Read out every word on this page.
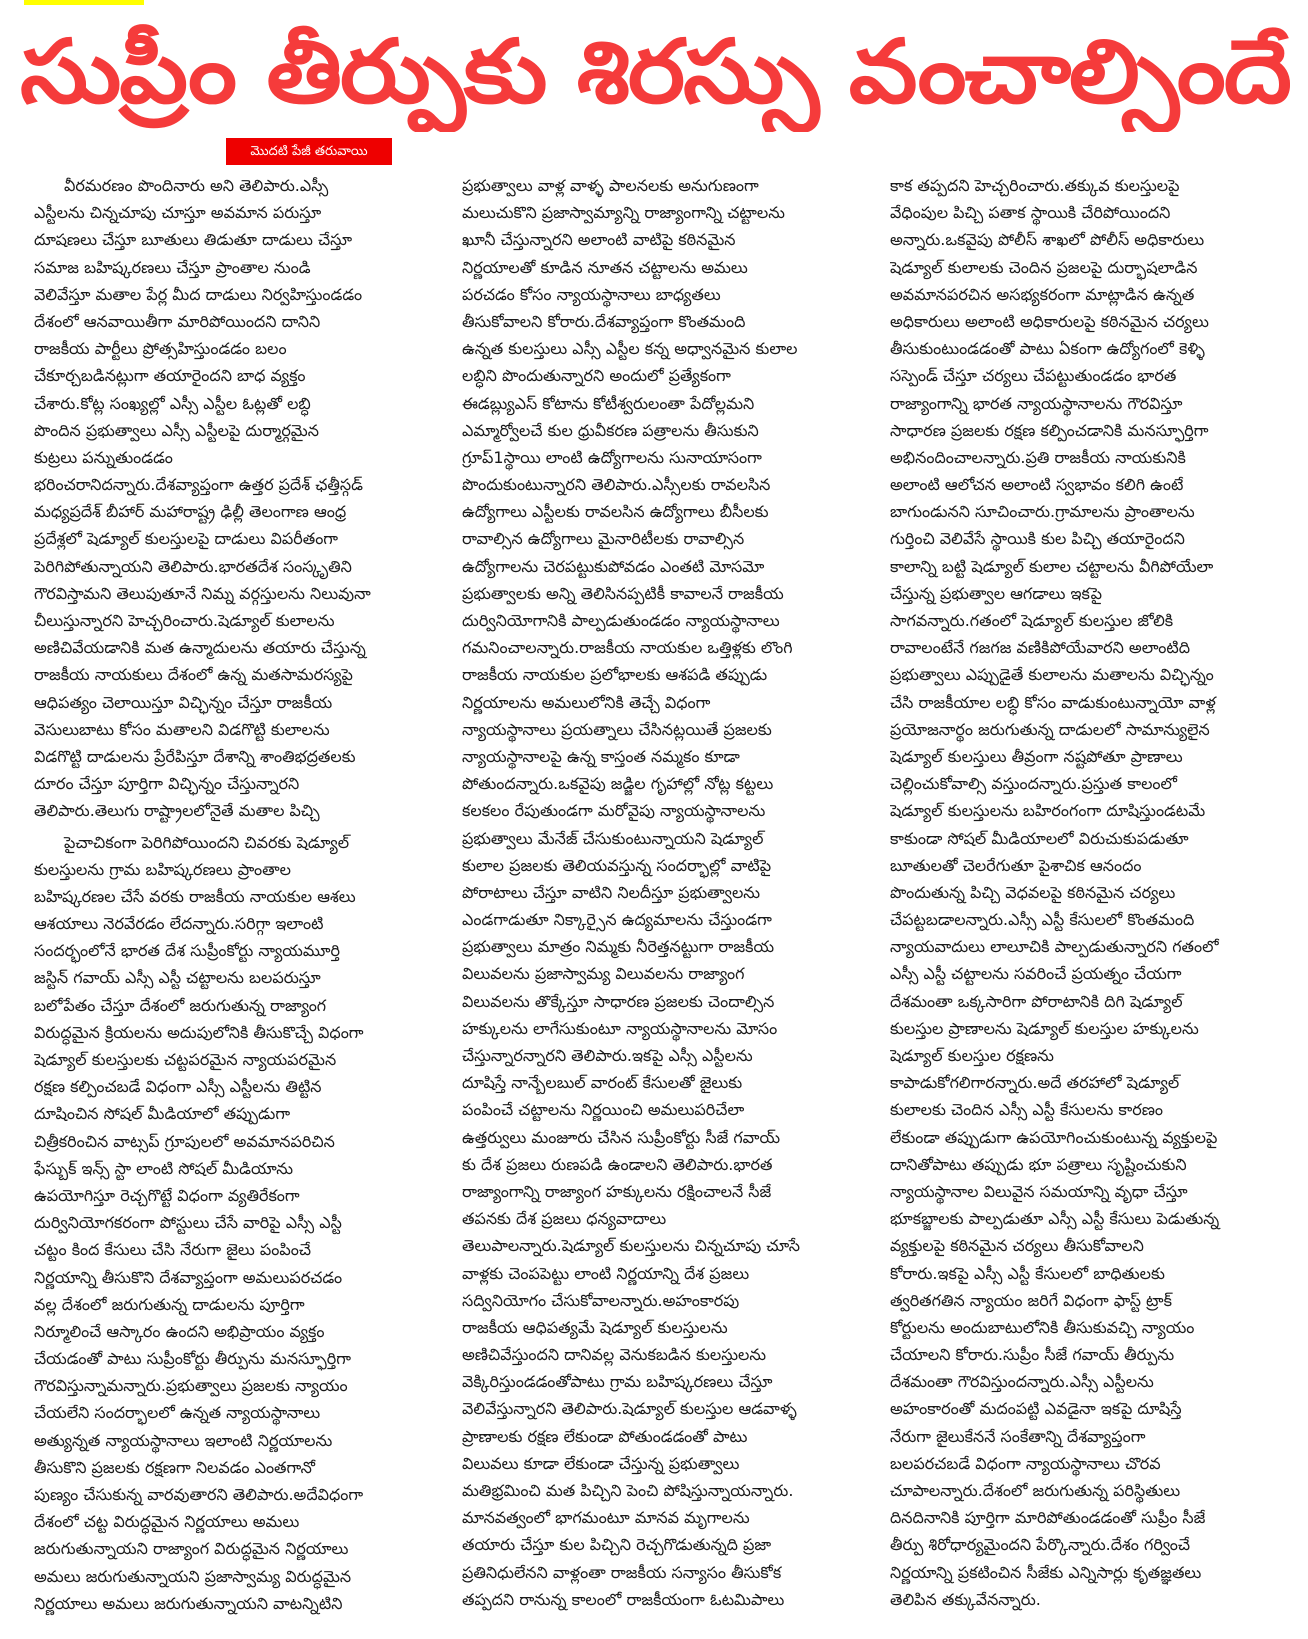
సుప్రీం తీర్పుకు శిరస్సు వంచాల్సిందే
మొదటి పేజీ తరువాయి
వీరమరణం పొందినారు అని తెలిపారు.ఎస్సీ
ఎస్టీలను చిన్నచూపు చూస్తూ అవమాన పరుస్తూ
దూషణలు చేస్తూ బూతులు తిడుతూ దాడులు చేస్తూ
సమాజ బహిష్కరణలు చేస్తూ ప్రాంతాల నుండి
వెలివేస్తూ మతాల పేర్ల మీద దాడులు నిర్వహిస్తుండడం
దేశంలో ఆనవాయితీగా మారిపోయిందని దానిని
రాజకీయ పార్టీలు ప్రోత్సహిస్తుండడం బలం
చేకూర్చబడినట్లుగా తయారైందని బాధ వ్యక్తం
చేశారు.కోట్ల సంఖ్యల్లో ఎస్సీ ఎస్టీల ఓట్లతో లబ్ధి
పొందిన ప్రభుత్వాలు ఎస్సీ ఎస్టీలపై దుర్మార్గమైన
కుట్రలు పన్నుతుండడం
భరించరానిదన్నారు.దేశవ్యాప్తంగా ఉత్తర ప్రదేశ్ ఛత్తీస్గడ్
మధ్యప్రదేశ్ బీహార్ మహారాష్ట్ర ఢిల్లీ తెలంగాణ ఆంధ్ర
ప్రదేశ్లలో షెడ్యూల్ కులస్తులపై దాడులు విపరీతంగా
పెరిగిపోతున్నాయని తెలిపారు.భారతదేశ సంస్కృతిని
గౌరవిస్తామని తెలుపుతూనే నిమ్న వర్గస్తులను నిలువునా
చీలుస్తున్నారని హెచ్చరించారు.షెడ్యూల్ కులాలను
అణిచివేయడానికి మత ఉన్మాదులను తయారు చేస్తున్న
రాజకీయ నాయకులు దేశంలో ఉన్న మతసామరస్యపై
ఆధిపత్యం చెలాయిస్తూ విచ్ఛిన్నం చేస్తూ రాజకీయ
వెసులుబాటు కోసం మతాలని విడగొట్టి కులాలను
విడగొట్టి దాడులను ప్రేరేపిస్తూ దేశాన్ని శాంతిభద్రతలకు
దూరం చేస్తూ పూర్తిగా విచ్ఛిన్నం చేస్తున్నారని
తెలిపారు.తెలుగు రాష్ట్రాలలోనైతే మతాల పిచ్చి
పైచాచికంగా పెరిగిపోయిందని చివరకు షెడ్యూల్
కులస్తులను గ్రామ బహిష్కరణలు ప్రాంతాల
బహిష్కరణల చేసే వరకు రాజకీయ నాయకుల ఆశలు
ఆశయాలు నెరవేరడం లేదన్నారు.సరిగ్గా ఇలాంటి
సందర్భంలోనే భారత దేశ సుప్రీంకోర్టు న్యాయమూర్తి
జస్టిన్ గవాయ్ ఎస్సీ ఎస్టీ చట్టాలను బలపరుస్తూ
బలోపేతం చేస్తూ దేశంలో జరుగుతున్న రాజ్యాంగ
విరుద్ధమైన క్రియలను అదుపులోనికి తీసుకొచ్చే విధంగా
షెడ్యూల్ కులస్తులకు చట్టపరమైన న్యాయపరమైన
రక్షణ కల్పించబడే విధంగా ఎస్సీ ఎస్టీలను తిట్టిన
దూషించిన సోషల్ మీడియాలో తప్పుడుగా
చిత్రీకరించిన వాట్సప్ గ్రూపులలో అవమానపరిచిన
ఫేస్బుక్ ఇన్స్ స్టా లాంటి సోషల్ మీడియాను
ఉపయోగిస్తూ రెచ్చగొట్టే విధంగా వ్యతిరేకంగా
దుర్వినియోగకరంగా పోస్టులు చేసే వారిపై ఎస్సీ ఎస్టీ
చట్టం కింద కేసులు చేసి నేరుగా జైలు పంపించే
నిర్ణయాన్ని తీసుకొని దేశవ్యాప్తంగా అమలుపరచడం
వల్ల దేశంలో జరుగుతున్న దాడులను పూర్తిగా
నిర్మూలించే ఆస్కారం ఉందని అభిప్రాయం వ్యక్తం
చేయడంతో పాటు సుప్రీంకోర్టు తీర్పును మనస్ఫూర్తిగా
గౌరవిస్తున్నామన్నారు.ప్రభుత్వాలు ప్రజలకు న్యాయం
చేయలేని సందర్భాలలో ఉన్నత న్యాయస్థానాలు
అత్యున్నత న్యాయస్థానాలు ఇలాంటి నిర్ణయాలను
తీసుకొని ప్రజలకు రక్షణగా నిలవడం ఎంతగానో
పుణ్యం చేసుకున్న వారవుతారని తెలిపారు.అదేవిధంగా
దేశంలో చట్ట విరుద్ధమైన నిర్ణయాలు అమలు
జరుగుతున్నాయని రాజ్యాంగ విరుద్ధమైన నిర్ణయాలు
అమలు జరుగుతున్నాయని ప్రజాస్వామ్య విరుద్ధమైన
నిర్ణయాలు అమలు జరుగుతున్నాయని వాటన్నిటిని
ప్రభుత్వాలు వాళ్ల వాళ్ళ పాలనలకు అనుగుణంగా
మలుచుకొని ప్రజాస్వామ్యాన్ని రాజ్యాంగాన్ని చట్టాలను
ఖూనీ చేస్తున్నారని అలాంటి వాటిపై కఠినమైన
నిర్ణయాలతో కూడిన నూతన చట్టాలను అమలు
పరచడం కోసం న్యాయస్థానాలు బాధ్యతలు
తీసుకోవాలని కోరారు.దేశవ్యాప్తంగా కొంతమంది
ఉన్నత కులస్తులు ఎస్సీ ఎస్టీల కన్న అధ్వానమైన కులాల
లబ్ధిని పొందుతున్నారని అందులో ప్రత్యేకంగా
ఈడబ్ల్యుఎస్ కోటాను కోటీశ్వరులంతా పేదోల్లమని
ఎమ్మార్వోలచే కుల ధ్రువీకరణ పత్రాలను తీసుకుని
గ్రూప్1స్థాయి లాంటి ఉద్యోగాలను సునాయాసంగా
పొందుకుంటున్నారని తెలిపారు.ఎస్సీలకు రావలసిన
ఉద్యోగాలు ఎస్టీలకు రావలసిన ఉద్యోగాలు బీసీలకు
రావాల్సిన ఉద్యోగాలు మైనారిటీలకు రావాల్సిన
ఉద్యోగాలను చెరపట్టుకుపోవడం ఎంతటి మోసమో
ప్రభుత్వాలకు అన్ని తెలిసినప్పటికీ కావాలనే రాజకీయ
దుర్వినియోగానికి పాల్పడుతుండడం న్యాయస్థానాలు
గమనించాలన్నారు.రాజకీయ నాయకుల ఒత్తిళ్లకు లొంగి
రాజకీయ నాయకుల ప్రలోభాలకు ఆశపడి తప్పుడు
నిర్ణయాలను అమలులోనికి తెచ్చే విధంగా
న్యాయస్థానాలు ప్రయత్నాలు చేసినట్లయితే ప్రజలకు
న్యాయస్థానాలపై ఉన్న కాస్తంత నమ్మకం కూడా
పోతుందన్నారు.ఒకవైపు జడ్జిల గృహాల్లో నోట్ల కట్టలు
కలకలం రేపుతుండగా మరోవైపు న్యాయస్థానాలను
ప్రభుత్వాలు మేనేజ్ చేసుకుంటున్నాయని షెడ్యూల్
కులాల ప్రజలకు తెలియవస్తున్న సందర్భాల్లో వాటిపై
పోరాటాలు చేస్తూ వాటిని నిలదీస్తూ ప్రభుత్వాలను
ఎండగాడుతూ నిక్కార్సైన ఉద్యమాలను చేస్తుండగా
ప్రభుత్వాలు మాత్రం నిమ్మకు నీరెత్తనట్టుగా రాజకీయ
విలువలను ప్రజాస్వామ్య విలువలను రాజ్యాంగ
విలువలను తొక్కేస్తూ సాధారణ ప్రజలకు చెందాల్సిన
హక్కులను లాగేసుకుంటూ న్యాయస్థానాలను మోసం
చేస్తున్నారన్నారని తెలిపారు.ఇకపై ఎస్సీ ఎస్టీలను
దూషిస్తే నాన్బేలబుల్ వారంట్ కేసులతో జైలుకు
పంపించే చట్టాలను నిర్ణయించి అమలుపరిచేలా
ఉత్తర్వులు మంజూరు చేసిన సుప్రీంకోర్టు సీజే గవాయ్
కు దేశ ప్రజలు రుణపడి ఉండాలని తెలిపారు.భారత
రాజ్యాంగాన్ని రాజ్యాంగ హక్కులను రక్షించాలనే సీజే
తపనకు దేశ ప్రజలు ధన్యవాదాలు
తెలుపాలన్నారు.షెడ్యూల్ కులస్తులను చిన్నచూపు చూసే
వాళ్లకు చెంపపెట్టు లాంటి నిర్ణయాన్ని దేశ ప్రజలు
సద్వినియోగం చేసుకోవాలన్నారు.అహంకారపు
రాజకీయ ఆధిపత్యమే షెడ్యూల్ కులస్తులను
అణిచివేస్తుందని దానివల్ల వెనుకబడిన కులస్తులను
వెక్కిరిస్తుండడంతోపాటు గ్రామ బహిష్కరణలు చేస్తూ
వెలివేస్తున్నారని తెలిపారు.షెడ్యూల్ కులస్తుల ఆడవాళ్ళ
ప్రాణాలకు రక్షణ లేకుండా పోతుండడంతో పాటు
విలువలు కూడా లేకుండా చేస్తున్న ప్రభుత్వాలు
మతిభ్రమించి మత పిచ్చిని పెంచి పోషిస్తున్నాయన్నారు.
మానవత్వంలో భాగమంటూ మానవ మృగాలను
తయారు చేస్తూ కుల పిచ్చిని రెచ్చగొడుతున్నది ప్రజా
ప్రతినిధులేనని వాళ్లంతా రాజకీయ సన్యాసం తీసుకోక
తప్పదని రానున్న కాలంలో రాజకీయంగా ఓటమిపాలు
కాక తప్పదని హెచ్చరించారు.తక్కువ కులస్తులపై
వేధింపుల పిచ్చి పతాక స్థాయికి చేరిపోయిందని
అన్నారు.ఒకవైపు పోలీస్ శాఖలో పోలీస్ అధికారులు
షెడ్యూల్ కులాలకు చెందిన ప్రజలపై దుర్భాషలాడిన
అవమానపరచిన అసభ్యకరంగా మాట్లాడిన ఉన్నత
అధికారులు అలాంటి అధికారులపై కఠినమైన చర్యలు
తీసుకుంటుండడంతో పాటు ఏకంగా ఉద్యోగంలో కెళ్ళి
సస్పెండ్ చేస్తూ చర్యలు చేపట్టుతుండడం భారత
రాజ్యాంగాన్ని భారత న్యాయస్థానాలను గౌరవిస్తూ
సాధారణ ప్రజలకు రక్షణ కల్పించడానికి మనస్ఫూర్తిగా
అభినందించాలన్నారు.ప్రతి రాజకీయ నాయకునికి
అలాంటి ఆలోచన అలాంటి స్వభావం కలిగి ఉంటే
బాగుండునని సూచించారు.గ్రామాలను ప్రాంతాలను
గుర్తించి వెలివేసే స్థాయికి కుల పిచ్చి తయారైందని
కాలాన్ని బట్టి షెడ్యూల్ కులాల చట్టాలను వీగిపోయేలా
చేస్తున్న ప్రభుత్వాల ఆగడాలు ఇకపై
సాగవన్నారు.గతంలో షెడ్యూల్ కులస్తుల జోలికి
రావాలంటేనే గజగజ వణికిపోయేవారని అలాంటిది
ప్రభుత్వాలు ఎప్పుడైతే కులాలను మతాలను విచ్ఛిన్నం
చేసి రాజకీయాల లబ్ధి కోసం వాడుకుంటున్నాయో వాళ్ల
ప్రయోజనార్థం జరుగుతున్న దాడులలో సామాన్యులైన
షెడ్యూల్ కులస్తులు తీవ్రంగా నష్టపోతూ ప్రాణాలు
చెల్లించుకోవాల్సి వస్తుందన్నారు.ప్రస్తుత కాలంలో
షెడ్యూల్ కులస్తులను బహిరంగంగా దూషిస్తుండటమే
కాకుండా సోషల్ మీడియాలలో విరుచుకుపడుతూ
బూతులతో చెలరేగుతూ పైశాచిక ఆనందం
పొందుతున్న పిచ్చి వెధవలపై కఠినమైన చర్యలు
చేపట్టబడాలన్నారు.ఎస్సీ ఎస్టీ కేసులలో కొంతమంది
న్యాయవాదులు లాలూచికి పాల్పడుతున్నారని గతంలో
ఎస్సీ ఎస్టీ చట్టాలను సవరించే ప్రయత్నం చేయగా
దేశమంతా ఒక్కసారిగా పోరాటానికి దిగి షెడ్యూల్
కులస్తుల ప్రాణాలను షెడ్యూల్ కులస్తుల హక్కులను
షెడ్యూల్ కులస్తుల రక్షణను
కాపాడుకోగలిగారన్నారు.అదే తరహాలో షెడ్యూల్
కులాలకు చెందిన ఎస్సీ ఎస్టీ కేసులను కారణం
లేకుండా తప్పుడుగా ఉపయోగించుకుంటున్న వ్యక్తులపై
దానితోపాటు తప్పుడు భూ పత్రాలు సృష్టించుకుని
న్యాయస్థానాల విలువైన సమయాన్ని వృధా చేస్తూ
భూకబ్జాలకు పాల్పడుతూ ఎస్సీ ఎస్టీ కేసులు పెడుతున్న
వ్యక్తులపై కఠినమైన చర్యలు తీసుకోవాలని
కోరారు.ఇకపై ఎస్సీ ఎస్టీ కేసులలో బాధితులకు
త్వరితగతిన న్యాయం జరిగే విధంగా ఫాస్ట్ ట్రాక్
కోర్టులను అందుబాటులోనికి తీసుకువచ్చి న్యాయం
చేయాలని కోరారు.సుప్రీం సీజే గవాయ్ తీర్పును
దేశమంతా గౌరవిస్తుందన్నారు.ఎస్సీ ఎస్టీలను
అహంకారంతో మదంపట్టి ఎవడైనా ఇకపై దూషిస్తే
నేరుగా జైలుకేననే సంకేతాన్ని దేశవ్యాప్తంగా
బలపరచబడే విధంగా న్యాయస్థానాలు చొరవ
చూపాలన్నారు.దేశంలో జరుగుతున్న పరిస్థితులు
దినదినానికి పూర్తిగా మారిపోతుండడంతో సుప్రీం సీజే
తీర్పు శిరోధార్యమైందని పేర్కొన్నారు.దేశం గర్వించే
నిర్ణయాన్ని ప్రకటించిన సీజేకు ఎన్నిసార్లు కృతజ్ఞతలు
తెలిపిన తక్కువేనన్నారు.
